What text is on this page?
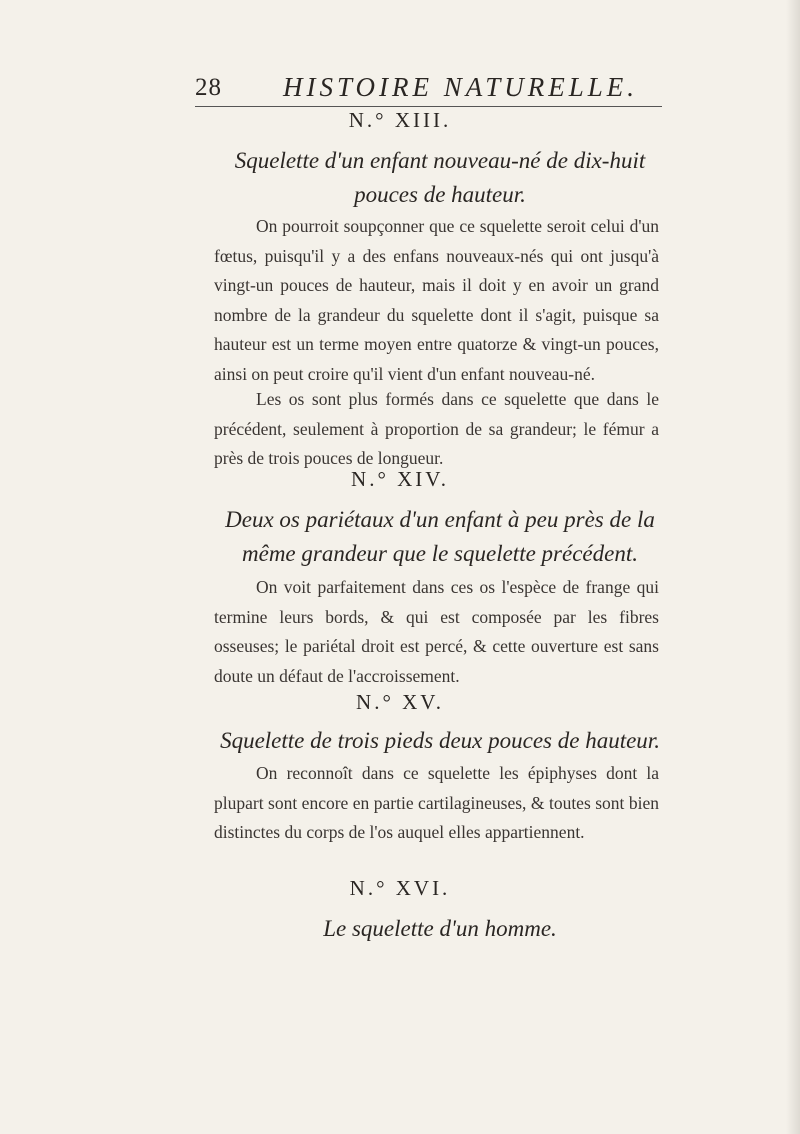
28 HISTOIRE NATURELLE.
N.° XIII.
Squelette d'un enfant nouveau-né de dix-huit pouces de hauteur.
On pourroit soupçonner que ce squelette seroit celui d'un fœtus, puisqu'il y a des enfans nouveaux-nés qui ont jusqu'à vingt-un pouces de hauteur, mais il doit y en avoir un grand nombre de la grandeur du squelette dont il s'agit, puisque sa hauteur est un terme moyen entre quatorze & vingt-un pouces, ainsi on peut croire qu'il vient d'un enfant nouveau-né.
Les os sont plus formés dans ce squelette que dans le précédent, seulement à proportion de sa grandeur; le fémur a près de trois pouces de longueur.
N.° XIV.
Deux os pariétaux d'un enfant à peu près de la même grandeur que le squelette précédent.
On voit parfaitement dans ces os l'espèce de frange qui termine leurs bords, & qui est composée par les fibres osseuses; le pariétal droit est percé, & cette ouverture est sans doute un défaut de l'accroissement.
N.° XV.
Squelette de trois pieds deux pouces de hauteur.
On reconnoît dans ce squelette les épiphyses dont la plupart sont encore en partie cartilagineuses, & toutes sont bien distinctes du corps de l'os auquel elles appartiennent.
N.° XVI.
Le squelette d'un homme.
